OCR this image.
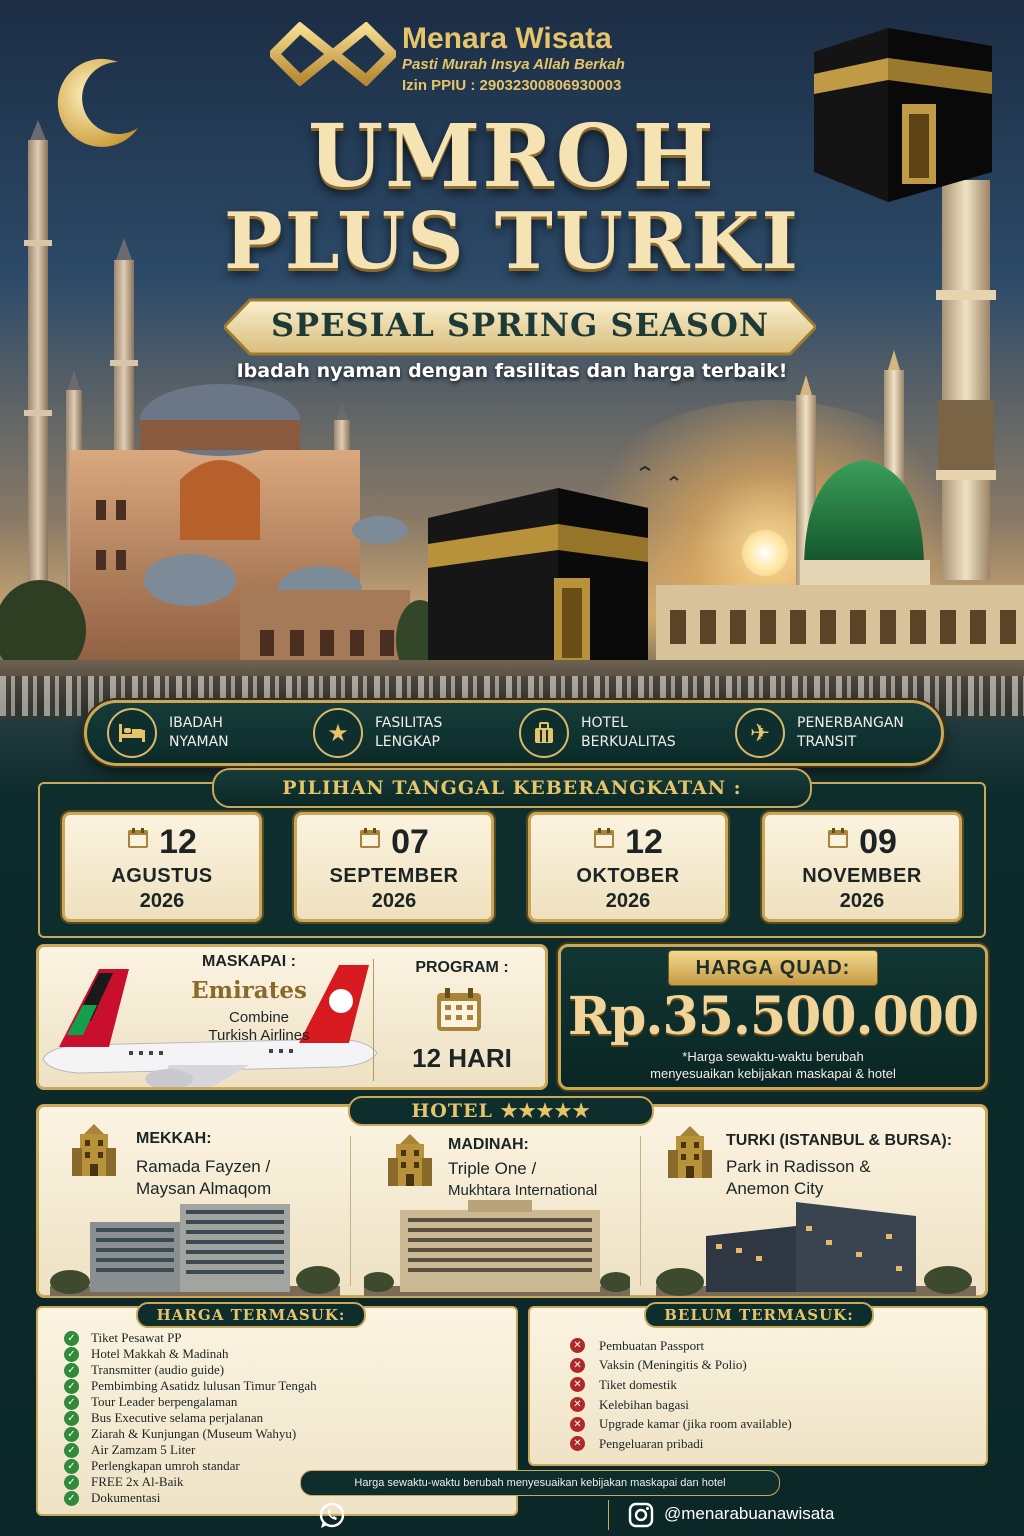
Menara Wisata
Pasti Murah Insya Allah Berkah
Izin PPIU : 29032300806930003
UMROH
PLUS TURKI
SPESIAL SPRING SEASON
Ibadah nyaman dengan fasilitas dan harga terbaik!
IBADAH
NYAMAN	★	FASILITAS
LENGKAP
HOTEL
BERKUALITAS	✈	PENERBANGAN
TRANSIT
PILIHAN TANGGAL KEBERANGKATAN :
12
AGUSTUS
2026
07
SEPTEMBER
2026
12
OKTOBER
2026
09
NOVEMBER
2026
MASKAPAI :
Emirates
Combine
Turkish Airlines
PROGRAM :
12 HARI
HARGA QUAD:
Rp.35.500.000
*Harga sewaktu-waktu berubah
menyesuaikan kebijakan maskapai & hotel
HOTEL ★★★★★
MEKKAH:
Ramada Fayzen /
Maysan Almaqom
MADINAH:
Triple One /
Mukhtara International
TURKI (ISTANBUL & BURSA):
Park in Radisson &
Anemon City
HARGA TERMASUK:
✓ Tiket Pesawat PP
✓ Hotel Makkah & Madinah
✓ Transmitter (audio guide)
✓ Pembimbing Asatidz lulusan Timur Tengah
✓ Tour Leader berpengalaman
✓ Bus Executive selama perjalanan
✓ Ziarah & Kunjungan (Museum Wahyu)
✓ Air Zamzam 5 Liter
✓ Perlengkapan umroh standar
✓ FREE 2x Al-Baik
✓ Dokumentasi
BELUM TERMASUK:
✕ Pembuatan Passport
✕ Vaksin (Meningitis & Polio)
✕ Tiket domestik
✕ Kelebihan bagasi
✕ Upgrade kamar (jika room available)
✕ Pengeluaran pribadi
Harga sewaktu-waktu berubah menyesuaikan kebijakan maskapai dan hotel
@menarabuanawisata
